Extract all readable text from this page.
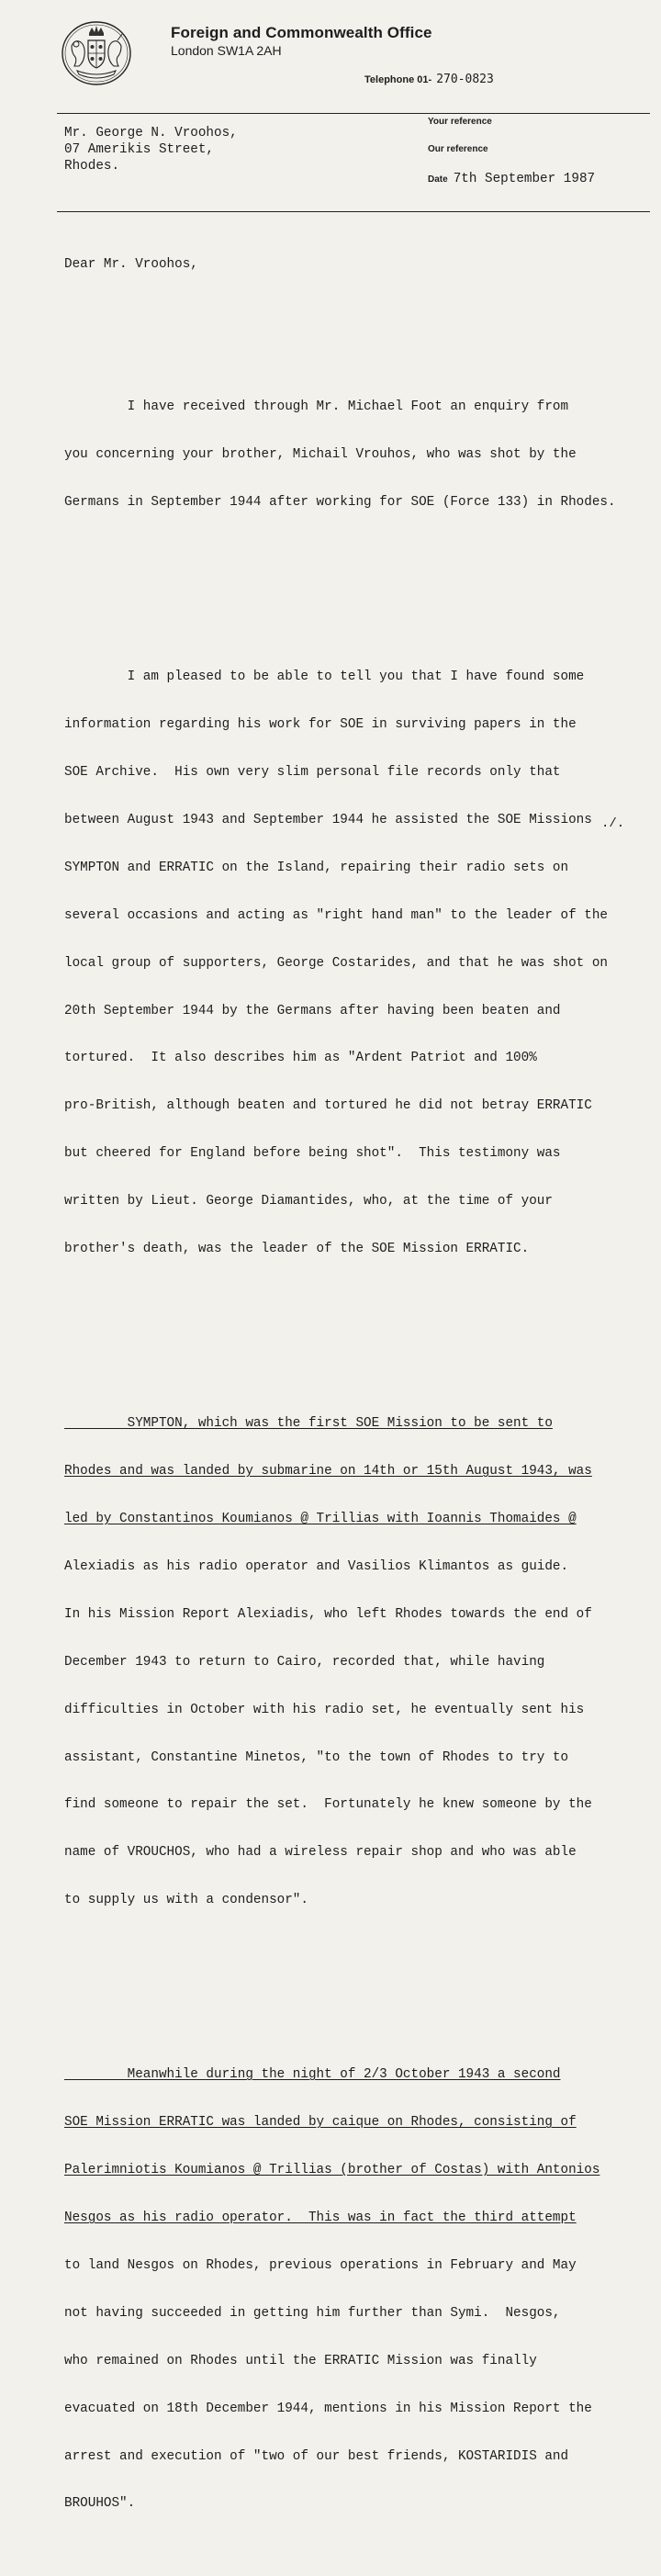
Foreign and Commonwealth Office
London SW1A 2AH
Telephone 01- 270-0823
Mr. George N. Vroohos,
07 Amerikis Street,
Rhodes.
Your reference
Our reference
Date 7th September 1987

Dear Mr. Vroohos,

I have received through Mr. Michael Foot an enquiry from

you concerning your brother, Michail Vrouhos, who was shot by the

Germans in September 1944 after working for SOE (Force 133) in Rhodes.

I am pleased to be able to tell you that I have found some

information regarding his work for SOE in surviving papers in the

SOE Archive.  His own very slim personal file records only that

between August 1943 and September 1944 he assisted the SOE Missions

SYMPTON and ERRATIC on the Island, repairing their radio sets on

several occasions and acting as "right hand man" to the leader of the

local group of supporters, George Costarides, and that he was shot on

20th September 1944 by the Germans after having been beaten and

tortured.  It also describes him as "Ardent Patriot and 100%

pro-British, although beaten and tortured he did not betray ERRATIC

but cheered for England before being shot".  This testimony was

written by Lieut. George Diamantides, who, at the time of your

brother's death, was the leader of the SOE Mission ERRATIC.

SYMPTON, which was the first SOE Mission to be sent to

Rhodes and was landed by submarine on 14th or 15th August 1943, was

led by Constantinos Koumianos @ Trillias with Ioannis Thomaides @

Alexiadis as his radio operator and Vasilios Klimantos as guide.

In his Mission Report Alexiadis, who left Rhodes towards the end of

December 1943 to return to Cairo, recorded that, while having

difficulties in October with his radio set, he eventually sent his

assistant, Constantine Minetos, "to the town of Rhodes to try to

find someone to repair the set.  Fortunately he knew someone by the

name of VROUCHOS, who had a wireless repair shop and who was able

to supply us with a condensor".

Meanwhile during the night of 2/3 October 1943 a second

SOE Mission ERRATIC was landed by caique on Rhodes, consisting of

Palerimniotis Koumianos @ Trillias (brother of Costas) with Antonios

Nesgos as his radio operator.  This was in fact the third attempt

to land Nesgos on Rhodes, previous operations in February and May

not having succeeded in getting him further than Symi.  Nesgos,

who remained on Rhodes until the ERRATIC Mission was finally

evacuated on 18th December 1944, mentions in his Mission Report the

arrest and execution of "two of our best friends, KOSTARIDIS and

BROUHOS".

./.
